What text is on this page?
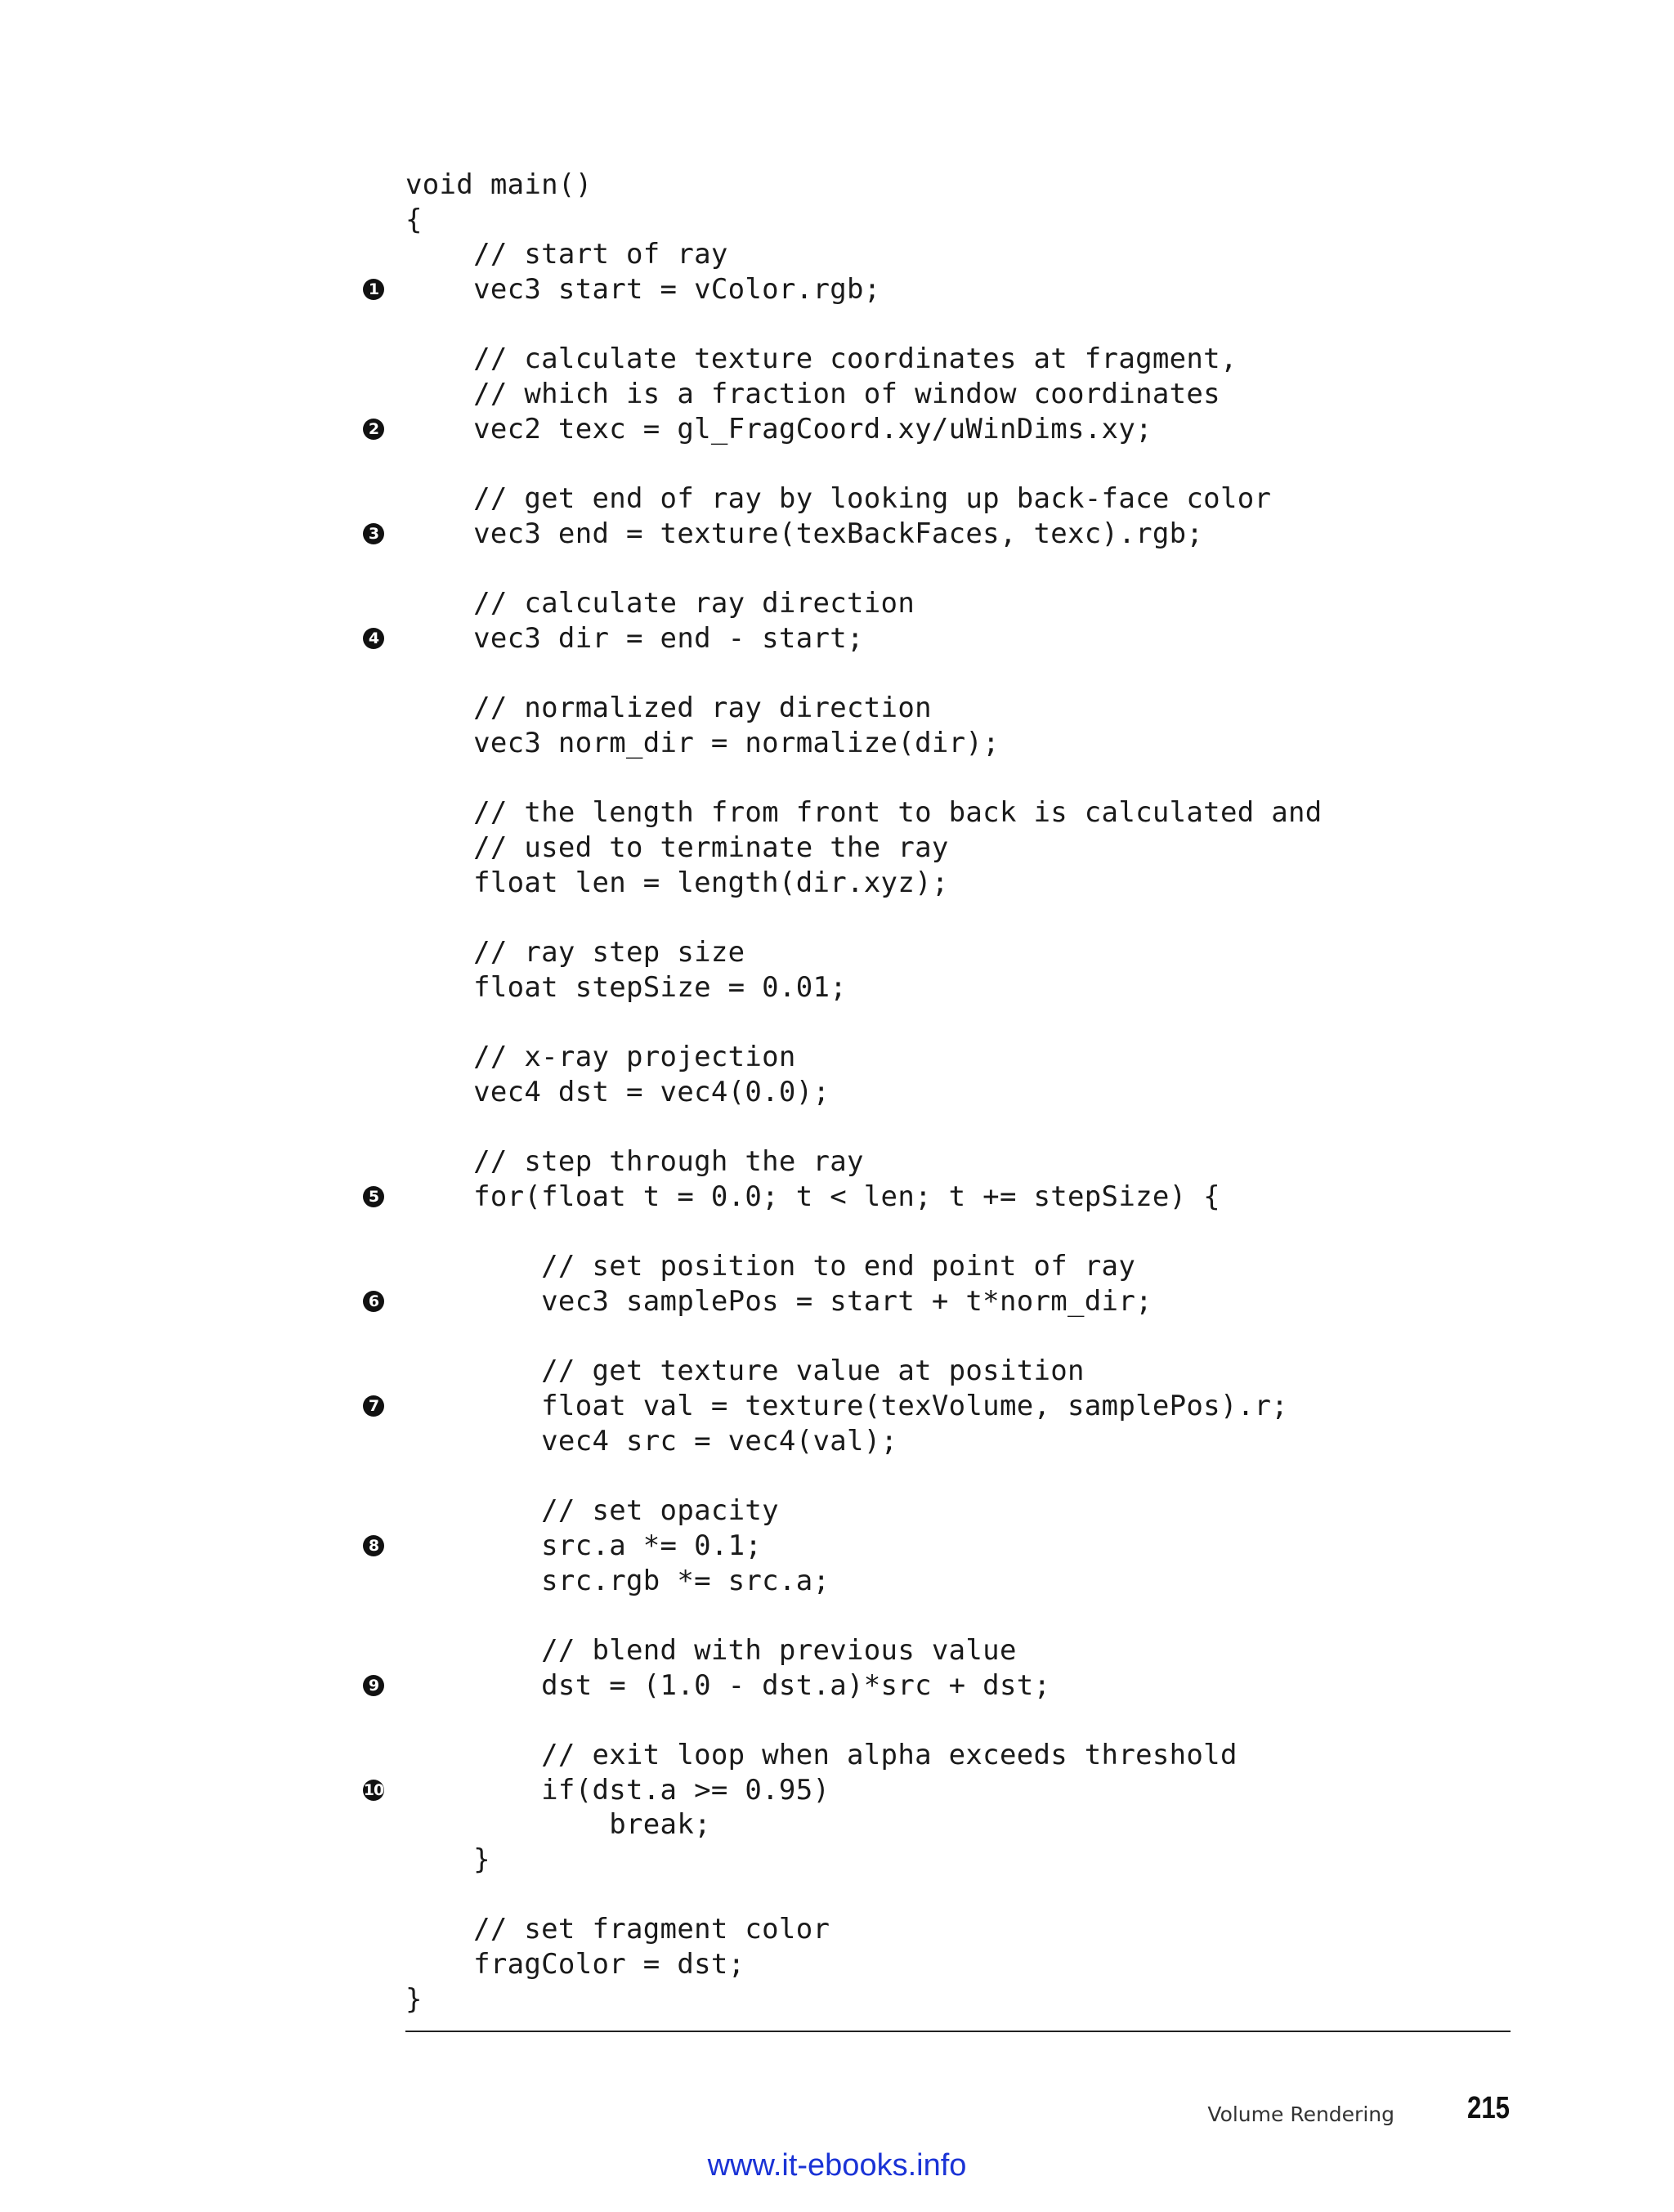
void main()
{
// start of ray
vec3 start = vColor.rgb;
1
// calculate texture coordinates at fragment,
// which is a fraction of window coordinates
vec2 texc = gl_FragCoord.xy/uWinDims.xy;
2
// get end of ray by looking up back-face color
vec3 end = texture(texBackFaces, texc).rgb;
3
// calculate ray direction
vec3 dir = end - start;
4
// normalized ray direction
vec3 norm_dir = normalize(dir);
// the length from front to back is calculated and
// used to terminate the ray
float len = length(dir.xyz);
// ray step size
float stepSize = 0.01;
// x-ray projection
vec4 dst = vec4(0.0);
// step through the ray
for(float t = 0.0; t < len; t += stepSize) {
5
// set position to end point of ray
vec3 samplePos = start + t*norm_dir;
6
// get texture value at position
float val = texture(texVolume, samplePos).r;
7
vec4 src = vec4(val);
// set opacity
src.a *= 0.1;
8
src.rgb *= src.a;
// blend with previous value
dst = (1.0 - dst.a)*src + dst;
9
// exit loop when alpha exceeds threshold
if(dst.a >= 0.95)
10
break;
}
// set fragment color
fragColor = dst;
}
Volume Rendering 215
www.it-ebooks.info
